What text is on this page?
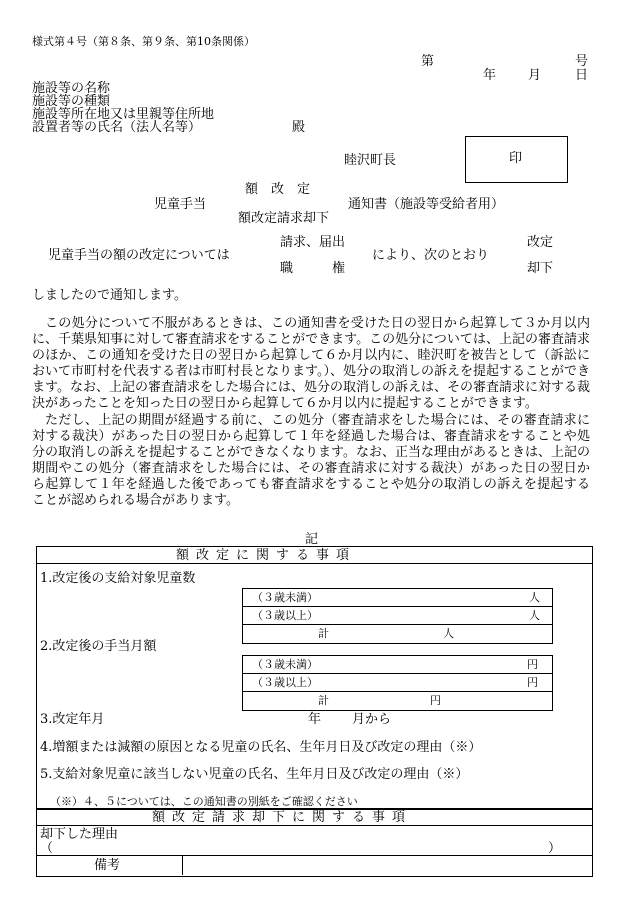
様式第４号（第８条、第９条、第10条関係）
第	号
年 月	日
施設等の名称
施設等の種類
施設等所在地又は里親等住所地
設置者等の氏名（法人名等）	殿
睦沢町長	印
額　改　定
児童手当	通知書（施設等受給者用）
額改定請求却下
請求、届出
児童手当の額の改定については
職　　　権
により、次のとおり
改定
却下
しましたので通知します。

この処分について不服があるときは、この通知書を受けた日の翌日から起算して３か月以内に、千葉県知事に対して審査請求をすることができます。この処分については、上記の審査請求のほか、この通知を受けた日の翌日から起算して６か月以内に、睦沢町を被告として（訴訟において市町村を代表する者は市町村長となります。）、処分の取消しの訴えを提起することができます。なお、上記の審査請求をした場合には、処分の取消しの訴えは、その審査請求に対する裁決があったことを知った日の翌日から起算して６か月以内に提起することができます。

ただし、上記の期間が経過する前に、この処分（審査請求をした場合には、その審査請求に対する裁決）があった日の翌日から起算して１年を経過した場合は、審査請求をすることや処分の取消しの訴えを提起することができなくなります。なお、正当な理由があるときは、上記の期間やこの処分（審査請求をした場合には、その審査請求に対する裁決）があった日の翌日から起算して１年を経過した後であっても審査請求をすることや処分の取消しの訴えを提起することが認められる場合があります。

記
額改定に関する事項
1.改定後の支給対象児童数
（３歳未満）	人
（３歳以上）	人
計	人
2.改定後の手当月額
（３歳未満）	円
（３歳以上）	円
計	円
3.改定年月	年 月から
4.増額または減額の原因となる児童の氏名、生年月日及び改定の理由（※）
5.支給対象児童に該当しない児童の氏名、生年月日及び改定の理由（※）
（※）４、５については、この通知書の別紙をご確認ください
額改定請求却下に関する事項
却下した理由
（	）
備考
